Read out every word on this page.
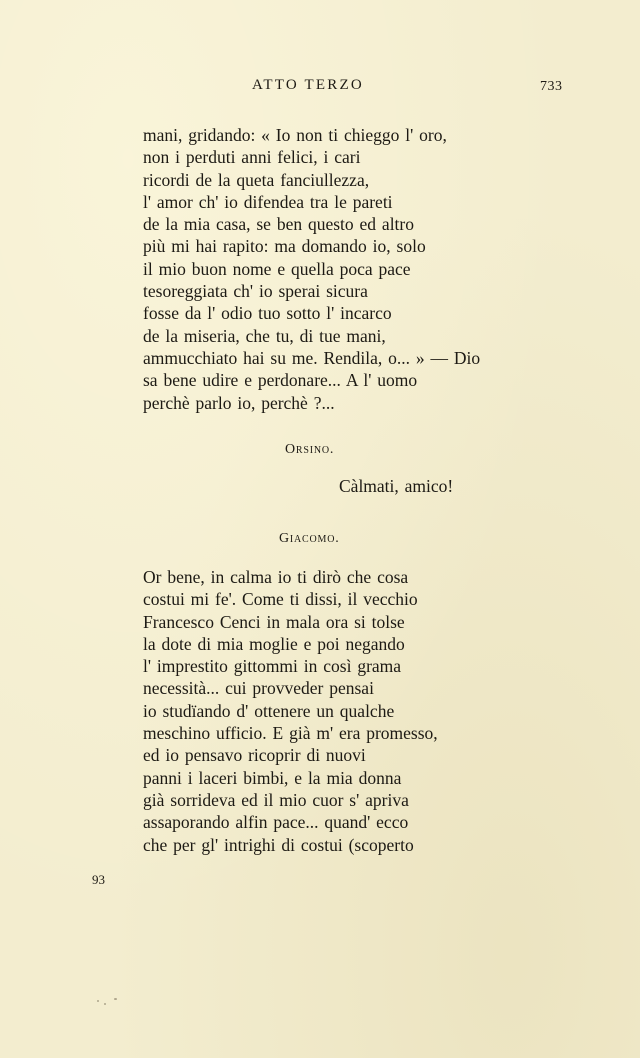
ATTO TERZO	733
mani, gridando: « Io non ti chieggo l' oro,
non i perduti anni felici, i cari
ricordi de la queta fanciullezza,
l' amor ch' io difendea tra le pareti
de la mia casa, se ben questo ed altro
più mi hai rapito: ma domando io, solo
il mio buon nome e quella poca pace
tesoreggiata ch' io sperai sicura
fosse da l' odio tuo sotto l' incarco
de la miseria, che tu, di tue mani,
ammucchiato hai su me. Rendila, o... » — Dio
sa bene udire e perdonare... A l' uomo
perchè parlo io, perchè ?...
Orsino.
Càlmati, amico!
Giacomo.
Or bene, in calma io ti dirò che cosa
costui mi fe'. Come ti dissi, il vecchio
Francesco Cenci in mala ora si tolse
la dote di mia moglie e poi negando
l' imprestito gittommi in così grama
necessità... cui provveder pensai
io studïando d' ottenere un qualche
meschino ufficio. E già m' era promesso,
ed io pensavo ricoprir di nuovi
panni i laceri bimbi, e la mia donna
già sorrideva ed il mio cuor s' apriva
assaporando alfin pace... quand' ecco
che per gl' intrighi di costui (scoperto
93
